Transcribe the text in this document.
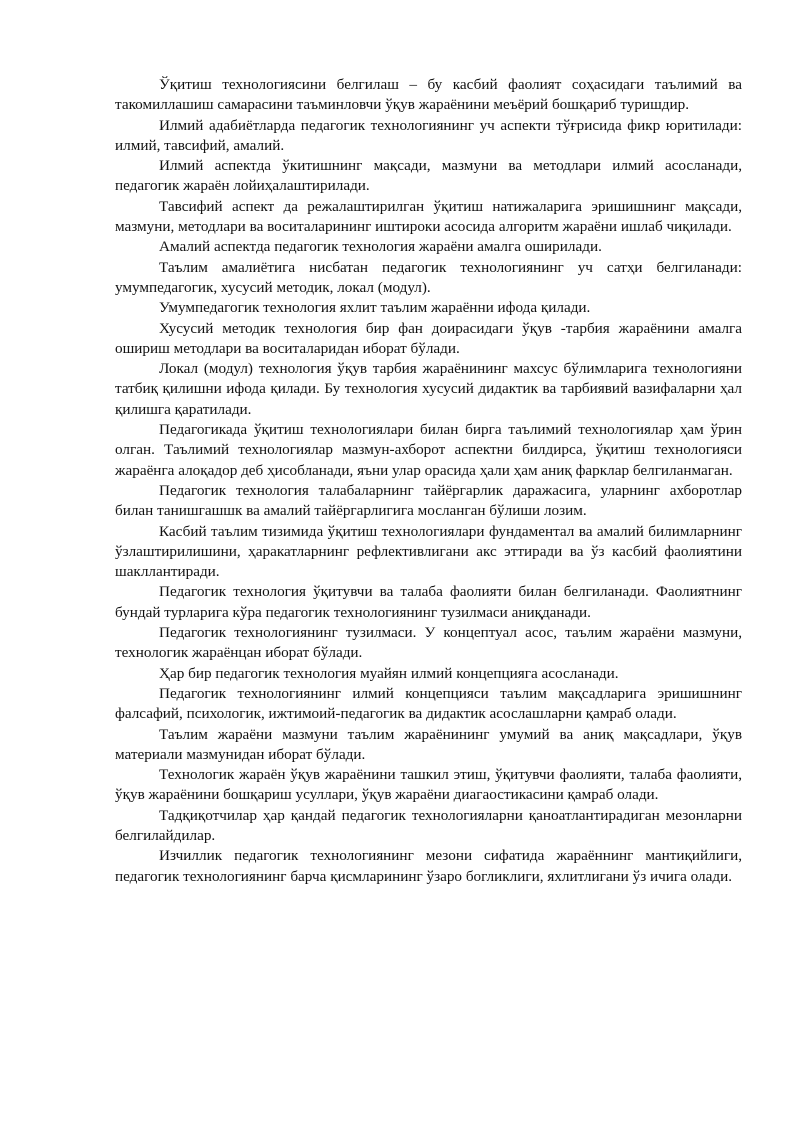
Ўқитиш технологиясини белгилаш – бу касбий фаолият соҳасидаги таълимий ва такомиллашиш самарасини таъминловчи ўқув жараёнини меъёрий бошқариб туришдир.

Илмий адабиётларда педагогик технологиянинг уч аспекти тўғрисида фикр юритилади: илмий, тавсифий, амалий.

Илмий аспектда ўкитишнинг мақсади, мазмуни ва методлари илмий асосланади, педагогик жараён лойиҳалаштирилади.

Тавсифий аспект да режалаштирилган ўқитиш натижаларига эришишнинг мақсади, мазмуни, методлари ва воситаларининг иштироки асосида алгоритм жараёни ишлаб чиқилади.

Амалий аспектда педагогик технология жараёни амалга оширилади.

Таълим амалиётига нисбатан педагогик технологиянинг уч сатҳи белгиланади: умумпедагогик, хусусий методик, локал (модул).

Умумпедагогик технология яхлит таълим жараённи ифода қилади.

Хусусий методик технология бир фан доирасидаги ўқув -тарбия жараёнини амалга ошириш методлари ва воситаларидан иборат бўлади.

Локал (модул) технология ўқув тарбия жараёнининг махсус бўлимларига технологияни татбиқ қилишни ифода қилади. Бу технология хусусий дидактик ва тарбиявий вазифаларни ҳал қилишга қаратилади.

Педагогикада ўқитиш технологиялари билан бирга таълимий технологиялар ҳам ўрин олган. Таълимий технологиялар мазмун-ахборот аспектни билдирса, ўқитиш технологияси жараёнга алоқадор деб ҳисобланади, яъни улар орасида ҳали ҳам аниқ фарклар белгиланмаган.

Педагогик технология талабаларнинг тайёргарлик даражасига, уларнинг ахборотлар билан танишгашшк ва амалий тайёргарлигига мосланган бўлиши лозим.

Касбий таълим тизимида ўқитиш технологиялари фундаментал ва амалий билимларнинг ўзлаштирилишини, ҳаракатларнинг рефлективлигани акс эттиради ва ўз касбий фаолиятини шакллантиради.

Педагогик технология ўқитувчи ва талаба фаолияти билан белгиланади. Фаолиятнинг бундай турларига кўра педагогик технологиянинг тузилмаси аниқданади.

Педагогик технологиянинг тузилмаси. У концептуал асос, таълим жараёни мазмуни, технологик жараёнцан иборат бўлади.

Ҳар бир педагогик технология муайян илмий концепцияга асосланади.

Педагогик технологиянинг илмий концепцияси таълим мақсадларига эришишнинг фалсафий, психологик, ижтимоий-педагогик ва дидактик асослашларни қамраб олади.

Таълим жараёни мазмуни таълим жараёнининг умумий ва аниқ мақсадлари, ўқув материали мазмунидан иборат бўлади.

Технологик жараён ўқув жараёнини ташкил этиш, ўқитувчи фаолияти, талаба фаолияти, ўқув жараёнини бошқариш усуллари, ўқув жараёни диагаостикасини қамраб олади.

Тадқиқотчилар ҳар қандай педагогик технологияларни қаноатлантирадиган мезонларни белгилайдилар.

Изчиллик педагогик технологиянинг мезони сифатида жараённинг мантиқийлиги, педагогик технологиянинг барча қисмларининг ўзаро богликлиги, яхлитлигани ўз ичига олади.
